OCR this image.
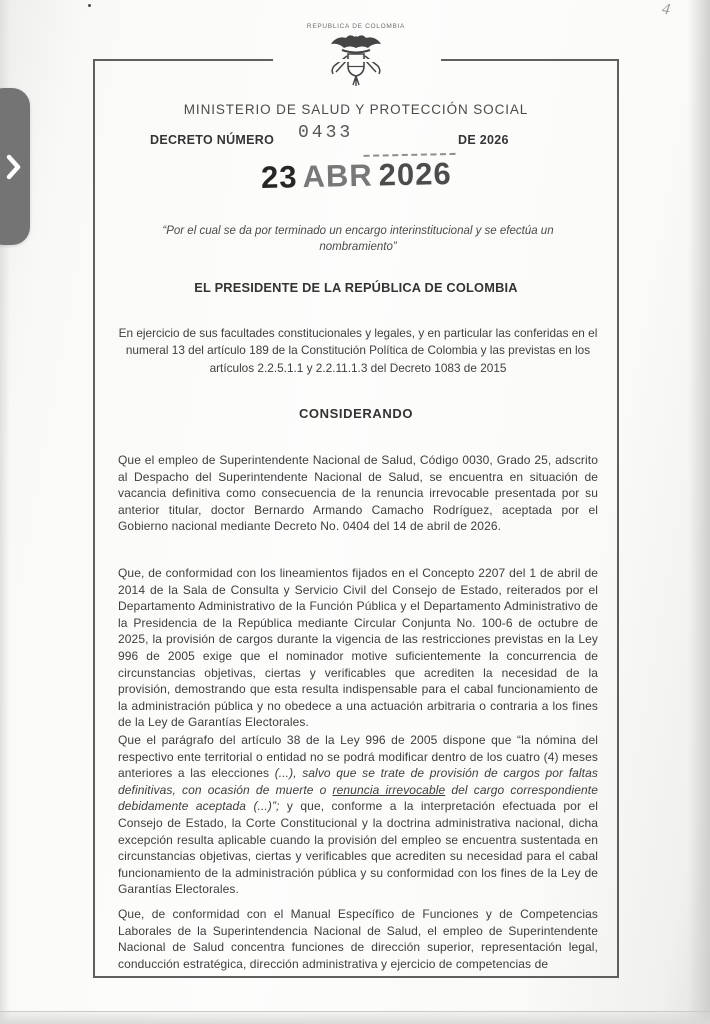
4
REPUBLICA DE COLOMBIA
MINISTERIO DE SALUD Y PROTECCIÓN SOCIAL
DECRETO NÚMERO 0433	DE 2026
23 ABR 2026
“Por el cual se da por terminado un encargo interinstitucional y se efectúa un nombramiento”
EL PRESIDENTE DE LA REPÚBLICA DE COLOMBIA
En ejercicio de sus facultades constitucionales y legales, y en particular las conferidas en el numeral 13 del artículo 189 de la Constitución Política de Colombia y las previstas en los artículos 2.2.5.1.1 y 2.2.11.1.3 del Decreto 1083 de 2015
CONSIDERANDO
Que el empleo de Superintendente Nacional de Salud, Código 0030, Grado 25, adscrito al Despacho del Superintendente Nacional de Salud, se encuentra en situación de vacancia definitiva como consecuencia de la renuncia irrevocable presentada por su anterior titular, doctor Bernardo Armando Camacho Rodríguez, aceptada por el Gobierno nacional mediante Decreto No. 0404 del 14 de abril de 2026.
Que, de conformidad con los lineamientos fijados en el Concepto 2207 del 1 de abril de 2014 de la Sala de Consulta y Servicio Civil del Consejo de Estado, reiterados por el Departamento Administrativo de la Función Pública y el Departamento Administrativo de la Presidencia de la República mediante Circular Conjunta No. 100-6 de octubre de 2025, la provisión de cargos durante la vigencia de las restricciones previstas en la Ley 996 de 2005 exige que el nominador motive suficientemente la concurrencia de circunstancias objetivas, ciertas y verificables que acrediten la necesidad de la provisión, demostrando que esta resulta indispensable para el cabal funcionamiento de la administración pública y no obedece a una actuación arbitraria o contraria a los fines de la Ley de Garantías Electorales.
Que el parágrafo del artículo 38 de la Ley 996 de 2005 dispone que “la nómina del respectivo ente territorial o entidad no se podrá modificar dentro de los cuatro (4) meses anteriores a las elecciones (...), salvo que se trate de provisión de cargos por faltas definitivas, con ocasión de muerte o renuncia irrevocable del cargo correspondiente debidamente aceptada (...)”; y que, conforme a la interpretación efectuada por el Consejo de Estado, la Corte Constitucional y la doctrina administrativa nacional, dicha excepción resulta aplicable cuando la provisión del empleo se encuentra sustentada en circunstancias objetivas, ciertas y verificables que acrediten su necesidad para el cabal funcionamiento de la administración pública y su conformidad con los fines de la Ley de Garantías Electorales.
Que, de conformidad con el Manual Específico de Funciones y de Competencias Laborales de la Superintendencia Nacional de Salud, el empleo de Superintendente Nacional de Salud concentra funciones de dirección superior, representación legal, conducción estratégica, dirección administrativa y ejercicio de competencias de
